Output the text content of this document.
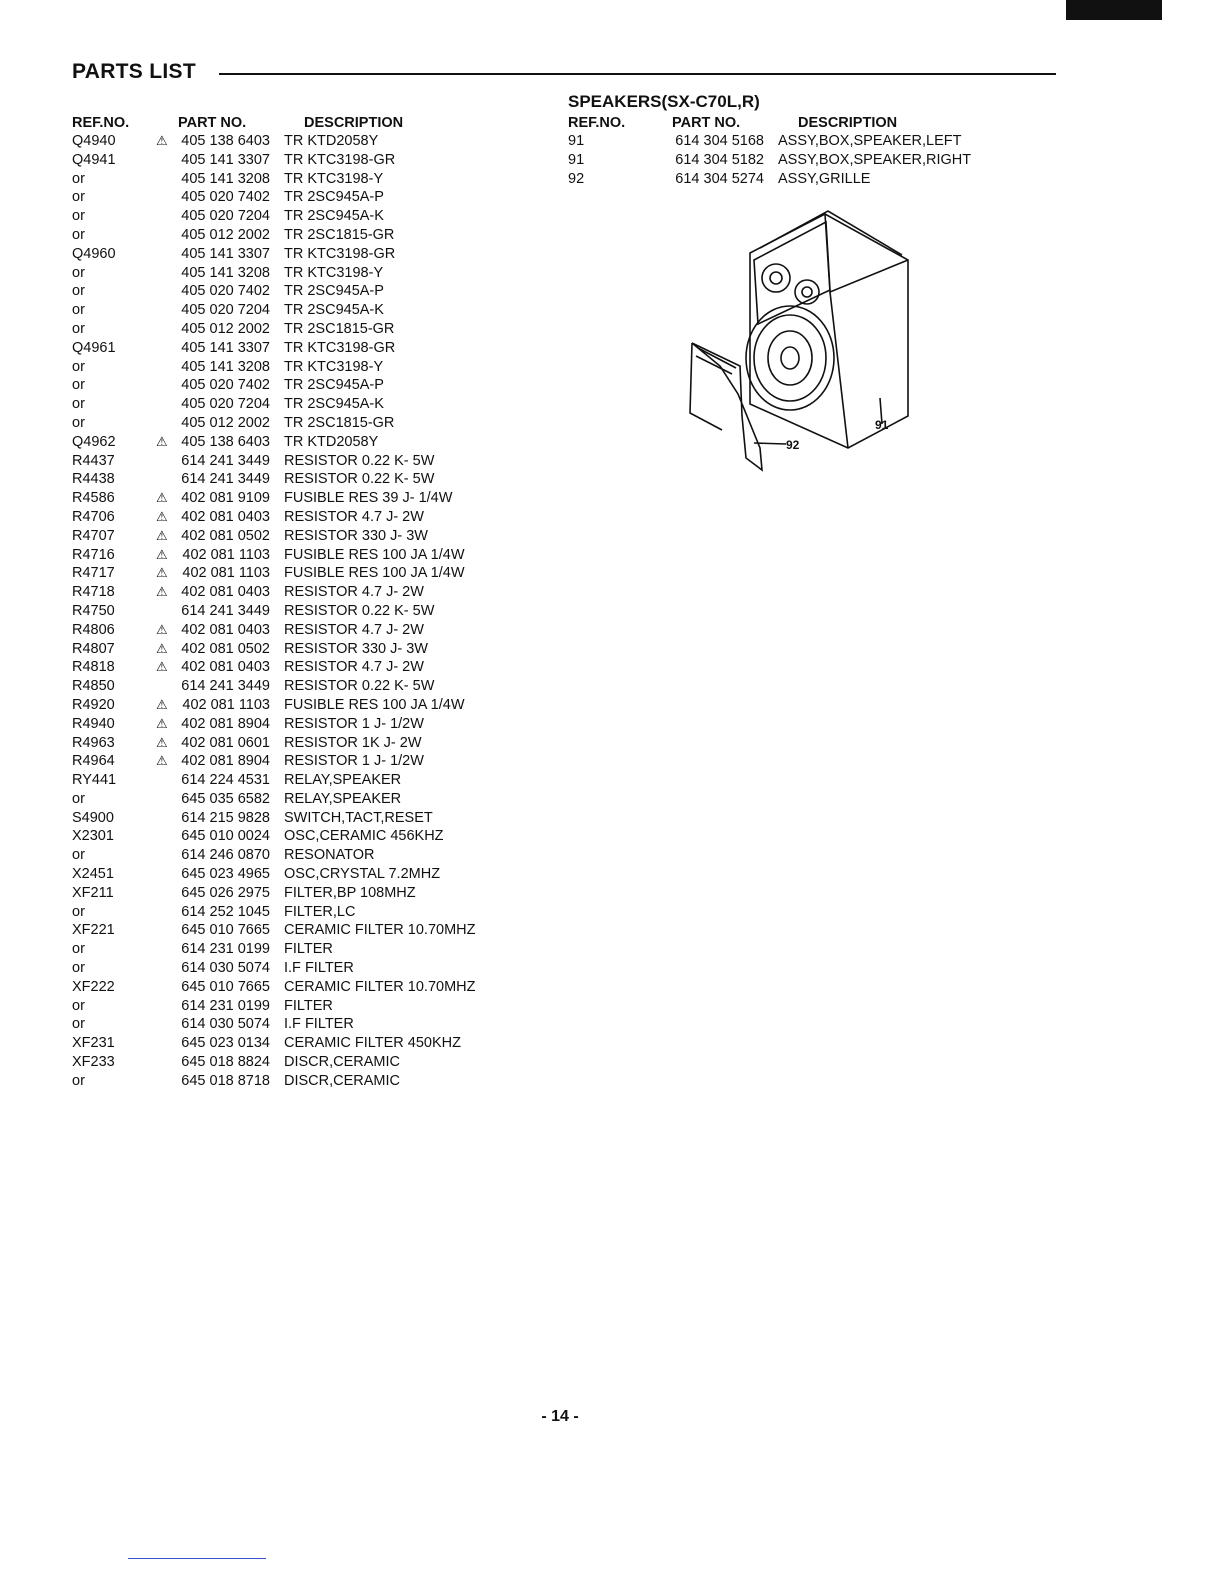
PARTS LIST
REF.NO.	PART NO.	DESCRIPTION
Q4940	⚠ 405 138 6403 TR KTD2058Y
Q4941	405 141 3307 TR KTC3198-GR
or	405 141 3208 TR KTC3198-Y
or	405 020 7402 TR 2SC945A-P
or	405 020 7204 TR 2SC945A-K
or	405 012 2002 TR 2SC1815-GR
Q4960	405 141 3307 TR KTC3198-GR
or	405 141 3208 TR KTC3198-Y
or	405 020 7402 TR 2SC945A-P
or	405 020 7204 TR 2SC945A-K
or	405 012 2002 TR 2SC1815-GR
Q4961	405 141 3307 TR KTC3198-GR
or	405 141 3208 TR KTC3198-Y
or	405 020 7402 TR 2SC945A-P
or	405 020 7204 TR 2SC945A-K
or	405 012 2002 TR 2SC1815-GR
Q4962	⚠ 405 138 6403 TR KTD2058Y
R4437	614 241 3449 RESISTOR 0.22 K- 5W
R4438	614 241 3449 RESISTOR 0.22 K- 5W
R4586	⚠ 402 081 9109 FUSIBLE RES 39 J- 1/4W
R4706	⚠ 402 081 0403 RESISTOR 4.7 J- 2W
R4707	⚠ 402 081 0502 RESISTOR 330 J- 3W
R4716	⚠	402 081 1103 FUSIBLE RES 100 JA 1/4W
R4717	⚠	402 081 1103 FUSIBLE RES 100 JA 1/4W
R4718	⚠ 402 081 0403 RESISTOR 4.7 J- 2W
R4750	614 241 3449 RESISTOR 0.22 K- 5W
R4806	⚠ 402 081 0403 RESISTOR 4.7 J- 2W
R4807	⚠ 402 081 0502 RESISTOR 330 J- 3W
R4818	⚠ 402 081 0403 RESISTOR 4.7 J- 2W
R4850	614 241 3449 RESISTOR 0.22 K- 5W
R4920	⚠	402 081 1103 FUSIBLE RES 100 JA 1/4W
R4940	⚠ 402 081 8904 RESISTOR 1 J- 1/2W
R4963	⚠ 402 081 0601 RESISTOR 1K J- 2W
R4964	⚠ 402 081 8904 RESISTOR 1 J- 1/2W
RY441	614 224 4531 RELAY,SPEAKER
or	645 035 6582 RELAY,SPEAKER
S4900	614 215 9828 SWITCH,TACT,RESET
X2301	645 010 0024 OSC,CERAMIC 456KHZ
or	614 246 0870 RESONATOR
X2451	645 023 4965 OSC,CRYSTAL 7.2MHZ
XF211	645 026 2975 FILTER,BP 108MHZ
or	614 252 1045 FILTER,LC
XF221	645 010 7665 CERAMIC FILTER 10.70MHZ
or	614 231 0199 FILTER
or	614 030 5074 I.F FILTER
XF222	645 010 7665 CERAMIC FILTER 10.70MHZ
or	614 231 0199 FILTER
or	614 030 5074 I.F FILTER
XF231	645 023 0134 CERAMIC FILTER 450KHZ
XF233	645 018 8824 DISCR,CERAMIC
or	645 018 8718 DISCR,CERAMIC
SPEAKERS(SX-C70L,R)
REF.NO.	PART NO.	DESCRIPTION
91	614 304 5168 ASSY,BOX,SPEAKER,LEFT
91	614 304 5182 ASSY,BOX,SPEAKER,RIGHT
92	614 304 5274 ASSY,GRILLE
91
92
- 14 -
